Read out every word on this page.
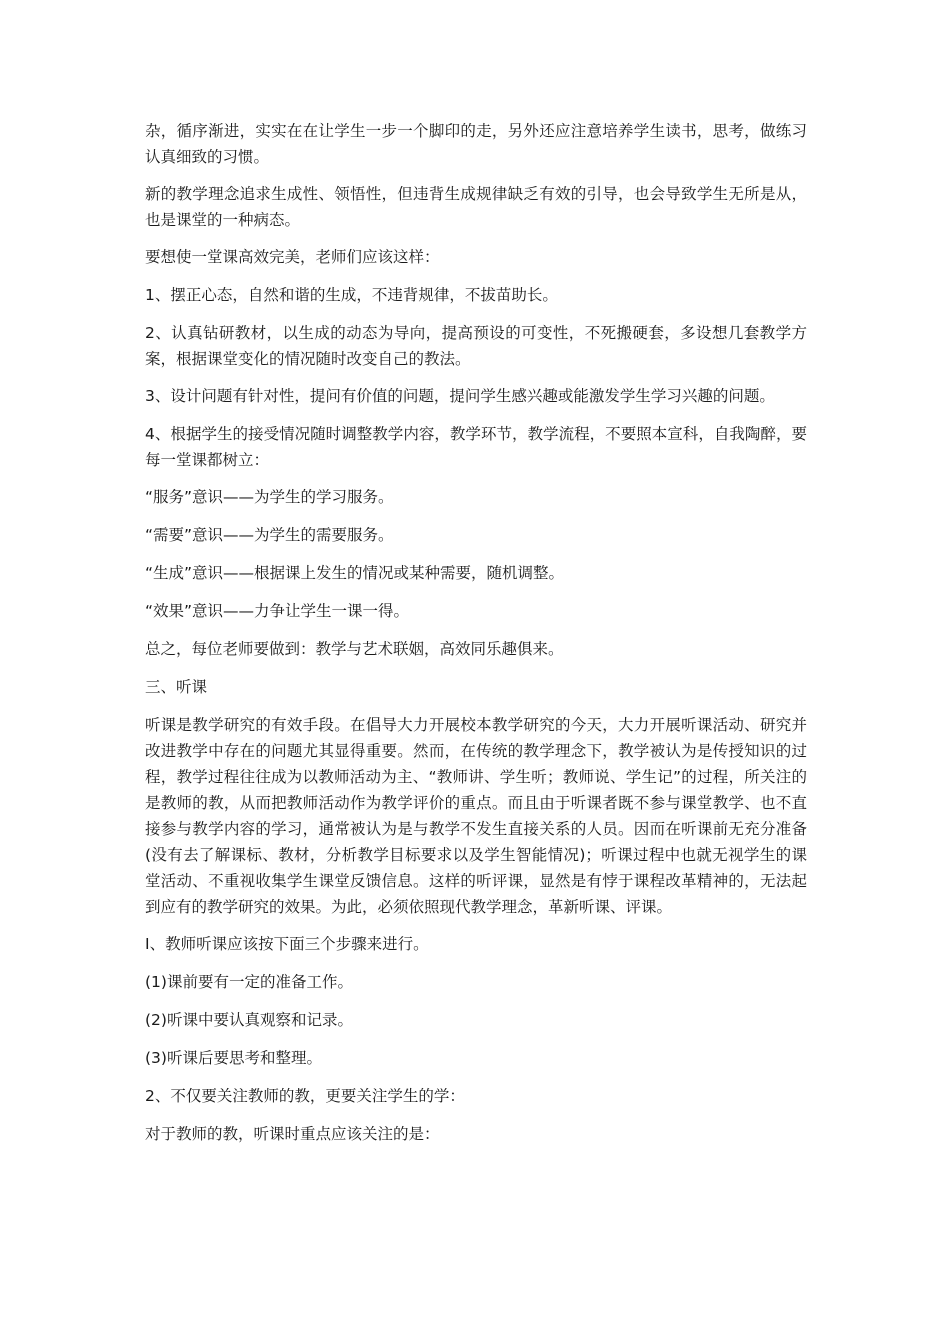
杂，循序渐进，实实在在让学生一步一个脚印的走，另外还应注意培养学生读书，思考，做练习认真细致的习惯。

新的教学理念追求生成性、领悟性，但违背生成规律缺乏有效的引导，也会导致学生无所是从，也是课堂的一种病态。

要想使一堂课高效完美，老师们应该这样：

1、摆正心态，自然和谐的生成，不违背规律，不拔苗助长。

2、认真钻研教材，以生成的动态为导向，提高预设的可变性，不死搬硬套，多设想几套教学方案，根据课堂变化的情况随时改变自己的教法。

3、设计问题有针对性，提问有价值的问题，提问学生感兴趣或能激发学生学习兴趣的问题。

4、根据学生的接受情况随时调整教学内容，教学环节，教学流程，不要照本宣科，自我陶醉，要每一堂课都树立：

“服务”意识——为学生的学习服务。

“需要”意识——为学生的需要服务。

“生成”意识——根据课上发生的情况或某种需要，随机调整。

“效果”意识——力争让学生一课一得。

总之，每位老师要做到：教学与艺术联姻，高效同乐趣俱来。

三、听课

听课是教学研究的有效手段。在倡导大力开展校本教学研究的今天，大力开展听课活动、研究并改进教学中存在的问题尤其显得重要。然而，在传统的教学理念下，教学被认为是传授知识的过程，教学过程往往成为以教师活动为主、“教师讲、学生听；教师说、学生记”的过程，所关注的是教师的教，从而把教师活动作为教学评价的重点。而且由于听课者既不参与课堂教学、也不直接参与教学内容的学习，通常被认为是与教学不发生直接关系的人员。因而在听课前无充分准备(没有去了解课标、教材，分析教学目标要求以及学生智能情况)；听课过程中也就无视学生的课堂活动、不重视收集学生课堂反馈信息。这样的听评课，显然是有悖于课程改革精神的，无法起到应有的教学研究的效果。为此，必须依照现代教学理念，革新听课、评课。

I、教师听课应该按下面三个步骤来进行。

(1)课前要有一定的准备工作。

(2)听课中要认真观察和记录。

(3)听课后要思考和整理。

2、不仅要关注教师的教，更要关注学生的学：

对于教师的教，听课时重点应该关注的是：
